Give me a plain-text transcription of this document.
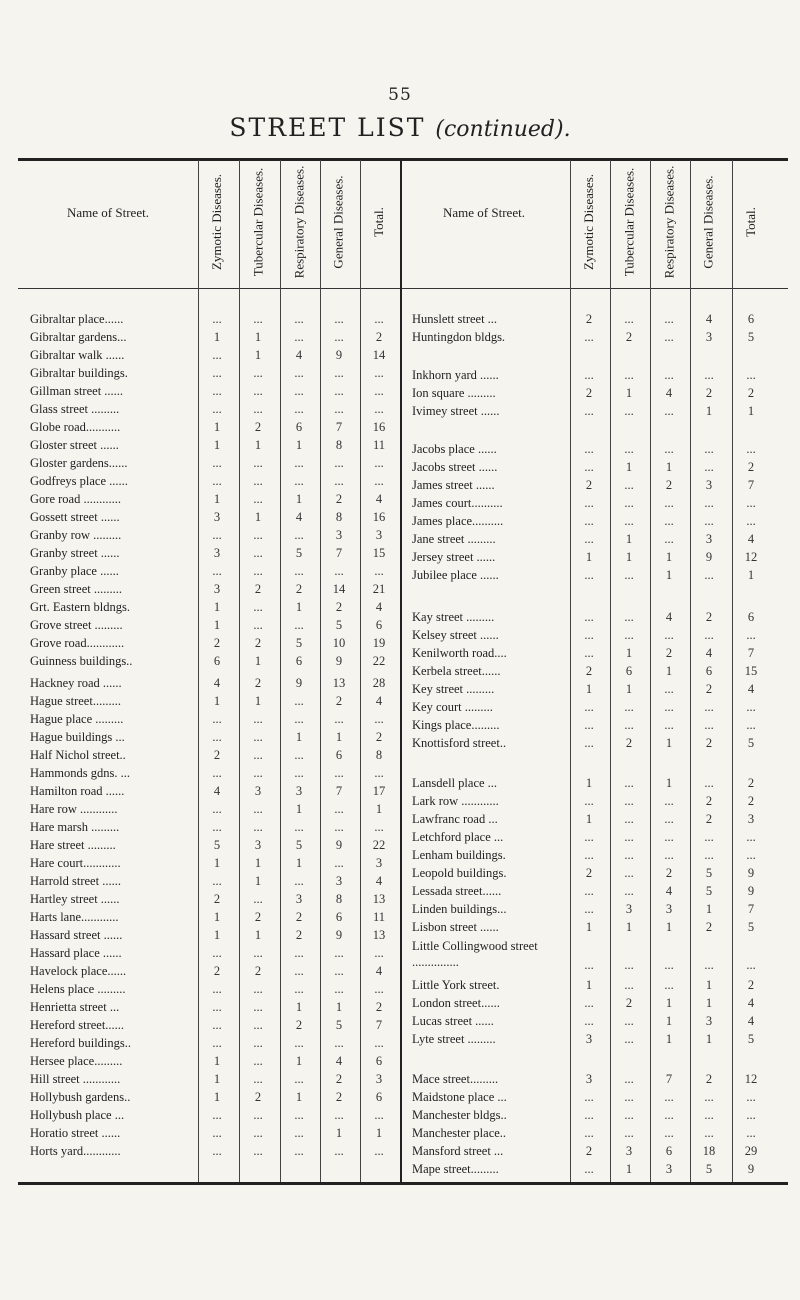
55
STREET LIST (continued).
Name of Street.	Zymotic Diseases. Tubercular Diseases. Respiratory Diseases. General Diseases. Total.	Name of Street.	Zymotic Diseases. Tubercular Diseases. Respiratory Diseases. General Diseases. Total.
Gibraltar place......	...	...	...	...	...
Gibraltar gardens...	1	1	...	...	2
Gibraltar walk ......	...	1	4	9	14
Gibraltar buildings.	...	...	...	...	...
Gillman street ......	...	...	...	...	...
Glass street .........	...	...	...	...	...
Globe road...........	1	2	6	7	16
Gloster street ......	1	1	1	8	11
Gloster gardens......	...	...	...	...	...
Godfreys place ......	...	...	...	...	...
Gore road ............	1	...	1	2	4
Gossett street ......	3	1	4	8	16
Granby row .........	...	...	...	3	3
Granby street ......	3	...	5	7	15
Granby place ......	...	...	...	...	...
Green street .........	3	2	2	14	21
Grt. Eastern bldngs.	1	...	1	2	4
Grove street .........	1	...	...	5	6
Grove road............	2	2	5	10	19
Guinness buildings..	6	1	6	9	22
Hackney road ......	4	2	9	13	28
Hague street.........	1	1	...	2	4
Hague place .........	...	...	...	...	...
Hague buildings ...	...	...	1	1	2
Half Nichol street..	2	...	...	6	8
Hammonds gdns. ...	...	...	...	...	...
Hamilton road ......	4	3	3	7	17
Hare row ............	...	...	1	...	1
Hare marsh .........	...	...	...	...	...
Hare street .........	5	3	5	9	22
Hare court............	1	1	1	...	3
Harrold street ......	...	1	...	3	4
Hartley street ......	2	...	3	8	13
Harts lane............	1	2	2	6	11
Hassard street ......	1	1	2	9	13
Hassard place ......	...	...	...	...	...
Havelock place......	2	2	...	...	4
Helens place .........	...	...	...	...	...
Henrietta street ...	...	...	1	1	2
Hereford street......	...	...	2	5	7
Hereford buildings..	...	...	...	...	...
Hersee place.........	1	...	1	4	6
Hill street ............	1	...	...	2	3
Hollybush gardens..	1	2	1	2	6
Hollybush place ...	...	...	...	...	...
Horatio street ......	...	...	...	1	1
Horts yard............	...	...	...	...	...
Hunslett street ...	2	...	...	4	6
Huntingdon bldgs.	...	2	...	3	5
Inkhorn yard ......	...	...	...	...	...
Ion square .........	2	1	4	2	2
Ivimey street ......	...	...	...	1	1
Jacobs place ......	...	...	...	...	...
Jacobs street ......	...	1	1	...	2
James street ......	2	...	2	3	7
James court..........	...	...	...	...	...
James place..........	...	...	...	...	...
Jane street .........	...	1	...	3	4
Jersey street ......	1	1	1	9	12
Jubilee place ......	...	...	1	...	1
Kay street .........	...	...	4	2	6
Kelsey street ......	...	...	...	...	...
Kenilworth road....	...	1	2	4	7
Kerbela street......	2	6	1	6	15
Key street .........	1	1	...	2	4
Key court .........	...	...	...	...	...
Kings place.........	...	...	...	...	...
Knottisford street..	...	2	1	2	5
Lansdell place ...	1	...	1	...	2
Lark row ............	...	...	...	2	2
Lawfranc road ...	1	...	...	2	3
Letchford place ...	...	...	...	...	...
Lenham buildings.	...	...	...	...	...
Leopold buildings.	2	...	2	5	9
Lessada street......	...	...	4	5	9
Linden buildings...	...	3	3	1	7
Lisbon street ......	1	1	1	2	5
Little Collingwood street ...............	...	...	...	...	...
Little York street.	1	...	...	1	2
London street......	...	2	1	1	4
Lucas street ......	...	...	1	3	4
Lyte street .........	3	...	1	1	5
Mace street.........	3	...	7	2	12
Maidstone place ...	...	...	...	...	...
Manchester bldgs..	...	...	...	...	...
Manchester place..	...	...	...	...	...
Mansford street ...	2	3	6	18	29
Mape street.........	...	1	3	5	9
